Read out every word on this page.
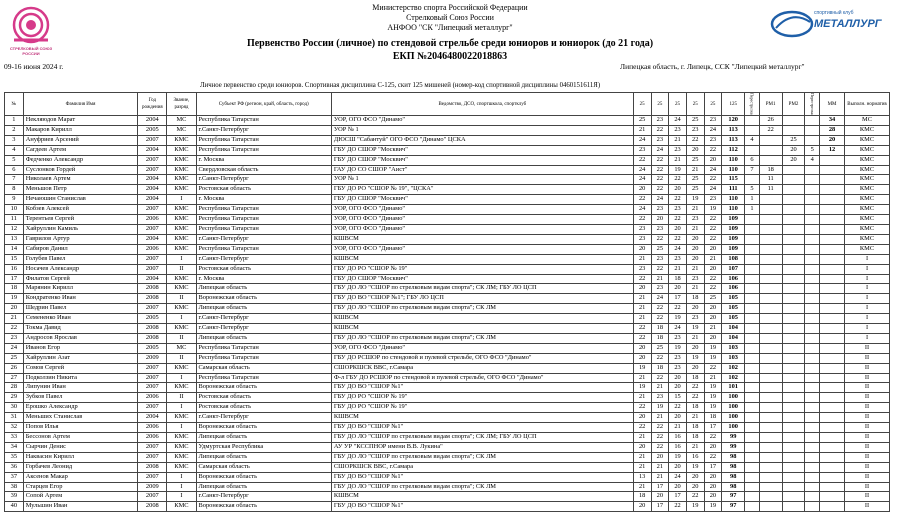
СТРЕЛКОВЫЙ СОЮЗ РОССИИ
спортивный клуб
МЕТАЛЛУРГ
Министерство спорта Российской Федерации
Стрелковый Союз России
АНФОО "СК "Липецкий металлург"
Первенство России (личное) по стендовой стрельбе среди юниоров и юниорок (до 21 года)
ЕКП №2046480022018863
09-16 июня 2024 г.	Липецкая область, г. Липецк, ССК "Липецкий металлург"
Личное первенство среди юниоров. Спортивная дисциплина С-125, скит 125 мишеней (номер-код спортивной дисциплины 0460151611Я)
№	Фамилия Имя	Год рождения	Звание, разряд	Субъект РФ (регион, край, область, город)	Ведомство, ДСО, спортшкола, спортклуб	25	25	25	25	25	125	Перестрелка	РМ1	РМ2	Перестрелка	ММ	Выполн. норматив
1	Некляюдов Марат	2004	МС	Республика Татарстан	УОР, ОГО ФСО "Динамо"	25	23	24	25	23	120		26			34	МС
2	Макаров Кирилл	2005	МС	г.Санкт-Петербург	УОР № 1	21	22	23	23	24	113		22			28	КМС
3	Ануфриев Арсений	2007	КМС	Республика Татарстан	ДЮСШ "Сабантуй" ОГО ФСО "Динамо" ЦСКА	24	23	21	22	23	113	4		25		20	КМС
4	Сагдеев Артем	2004	КМС	Республика Татарстан	ГБУ ДО СШОР "Москвич"	23	24	23	20	22	112			20	5	12	КМС
5	Федченко Александр	2007	КМС	г. Москва	ГБУ ДО СШОР "Москвич"	22	22	21	25	20	110	6		20	4		КМС
6	Суслонков Гордей	2007	КМС	Свердловская область	ГАУ ДО СО СШОР "Аист"	24	22	19	21	24	110	7	18				КМС
7	Николаев Артем	2004	КМС	г.Санкт-Петербург	УОР № 1	24	22	22	25	22	115		11				КМС
8	Меньшов Петр	2004	КМС	Ростовская область	ГБУ ДО РО "СШОР № 19", "ЦСКА"	20	22	20	25	24	111	5	11				КМС
9	Нечаюшин Станислав	2004	I	г. Москва	ГБУ ДО СШОР "Москвич"	22	24	22	19	23	110	1					КМС
10	Кобзев Алексей	2007	КМС	Республика Татарстан	УОР, ОГО ФСО "Динамо"	24	23	23	21	19	110	1					КМС
11	Терентьев Сергей	2006	КМС	Республика Татарстан	УОР, ОГО ФСО "Динамо"	22	20	22	23	22	109						КМС
12	Хайруллин Камиль	2007	КМС	Республика Татарстан	УОР, ОГО ФСО "Динамо"	23	23	20	21	22	109						КМС
13	Гаврилов Артур	2004	КМС	г.Санкт-Петербург	КШВСМ	23	22	22	20	22	109						КМС
14	Сабиров Данил	2006	КМС	Республика Татарстан	УОР, ОГО ФСО "Динамо"	20	25	24	20	20	109						КМС
15	Голубев Павел	2007	I	г.Санкт-Петербург	КШВСМ	21	23	23	20	21	108						I
16	Носачев Александр	2007	II	Ростовская область	ГБУ ДО РО "СШОР № 19"	23	22	21	21	20	107						I
17	Филатов Сергей	2004	КМС	г. Москва	ГБУ ДО СШОР "Москвич"	22	21	18	23	22	106						I
18	Марянин Кирилл	2008	КМС	Липецкая область	ГБУ ДО ЛО "СШОР по стрелковым видам спорта"; СК ЛМ; ГБУ ЛО ЦСП	20	23	20	21	22	106						I
19	Кондратенко Иван	2008	II	Воронежская область	ГБУ ДО ВО "СШОР №1"; ГБУ ЛО ЦСП	21	24	17	18	25	105						I
20	Шедрин Павел	2007	КМС	Липецкая область	ГБУ ДО ЛО "СШОР по стрелковым видам спорта"; СК ЛМ	21	22	22	20	20	105						I
21	Семененко Иван	2005	I	г.Санкт-Петербург	КШВСМ	21	22	19	23	20	105						I
22	Токма Давид	2008	КМС	г.Санкт-Петербург	КШВСМ	22	18	24	19	21	104						I
23	Андросов Ярослав	2008	II	Липецкая область	ГБУ ДО ЛО "СШОР по стрелковым видам спорта"; СК ЛМ	22	18	23	21	20	104						I
24	Иванов Егор	2005	МС	Республика Татарстан	УОР, ОГО ФСО "Динамо"	20	25	19	20	19	103						II
25	Хайруллин Азат	2009	II	Республика Татарстан	ГБУ ДО РСШОР по стендовой и пулевой стрельбе, ОГО ФСО "Динамо"	20	22	23	19	19	103						II
26	Сомов Сергей	2007	КМС	Самарская область	СШОРКШСК ВВС, г.Самара	19	18	23	20	22	102						II
27	Подколзин Никита	2007	I	Республика Татарстан	Ф-л ГБУ ДО РСШОР по стендовой и пулевой стрельбе, ОГО ФСО "Динамо"	21	22	20	18	21	102						II
28	Липунин Иван	2007	КМС	Воронежская область	ГБУ ДО ВО "СШОР №1"	19	21	20	22	19	101						II
29	Зубков Павел	2006	II	Ростовская область	ГБУ ДО РО "СШОР № 19"	21	23	15	22	19	100						II
30	Ерошко Александр	2007	I	Ростовская область	ГБУ ДО РО "СШОР № 19"	22	19	22	18	19	100						II
31	Меньших Станислав	2004	КМС	г.Санкт-Петербург	КШВСМ	20	21	20	21	18	100						II
32	Попов Илья	2006	I	Воронежская область	ГБУ ДО ВО "СШОР №1"	22	22	21	18	17	100						II
33	Бессонов Артем	2006	КМС	Липецкая область	ГБУ ДО ЛО "СШОР по стрелковым видам спорта"; СК ЛМ; ГБУ ЛО ЦСП	21	22	16	18	22	99						II
34	Сырчин Денис	2007	КМС	Удмуртская Республика	АУ УР "КССПНОР имени В.В. Лукина"	20	22	16	21	20	99						II
35	Наквасин Кирилл	2007	КМС	Липецкая область	ГБУ ДО ЛО "СШОР по стрелковым видам спорта"; СК ЛМ	21	20	19	16	22	98						II
36	Горбачев Леонид	2008	КМС	Самарская область	СШОРКШСК ВВС, г.Самара	21	21	20	19	17	98						II
37	Аксенов Макар	2007	I	Воронежская область	ГБУ ДО ВО "СШОР №1"	13	21	24	20	20	98						II
38	Старцев Егор	2009	I	Липецкая область	ГБУ ДО ЛО "СШОР по стрелковым видам спорта"; СК ЛМ	21	17	20	20	20	98						II
39	Сопой Артем	2007	I	г.Санкт-Петербург	КШВСМ	18	20	17	22	20	97						II
40	Мульшин Иван	2008	КМС	Воронежская область	ГБУ ДО ВО "СШОР №1"	20	17	22	19	19	97						II
